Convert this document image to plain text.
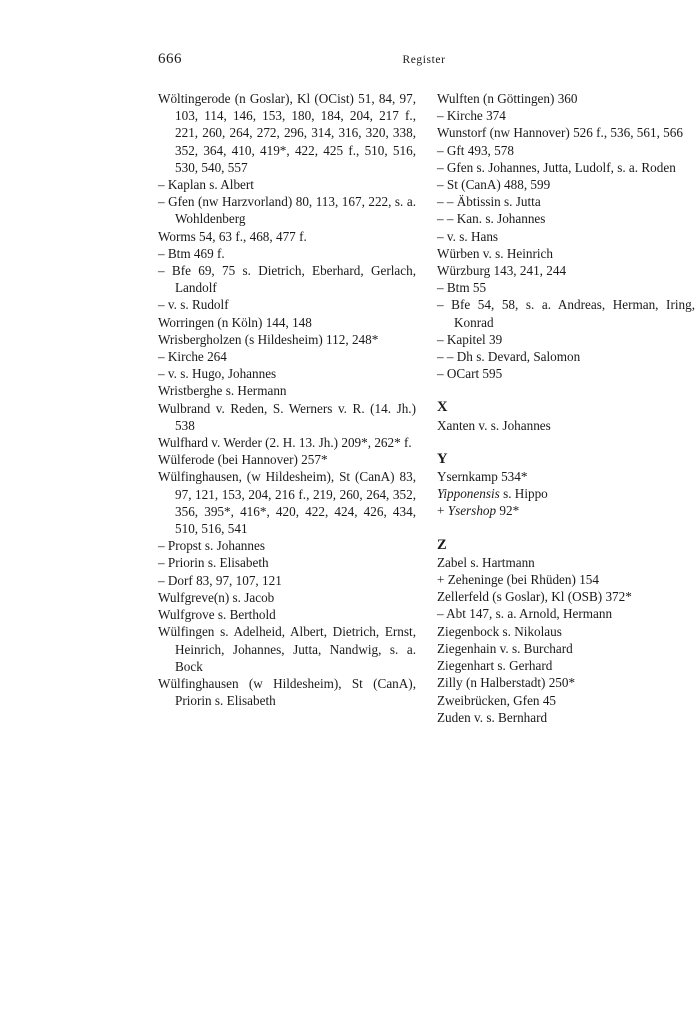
666	Register
Wöltingerode (n Goslar), Kl (OCist) 51, 84, 97, 103, 114, 146, 153, 180, 184, 204, 217 f., 221, 260, 264, 272, 296, 314, 316, 320, 338, 352, 364, 410, 419*, 422, 425 f., 510, 516, 530, 540, 557
– Kaplan s. Albert
– Gfen (nw Harzvorland) 80, 113, 167, 222, s. a. Wohldenberg
Worms 54, 63 f., 468, 477 f.
– Btm 469 f.
– Bfe 69, 75 s. Dietrich, Eberhard, Gerlach, Landolf
– v. s. Rudolf
Worringen (n Köln) 144, 148
Wrisbergholzen (s Hildesheim) 112, 248*
– Kirche 264
– v. s. Hugo, Johannes
Wristberghe s. Hermann
Wulbrand v. Reden, S. Werners v. R. (14. Jh.) 538
Wulfhard v. Werder (2. H. 13. Jh.) 209*, 262* f.
Wülferode (bei Hannover) 257*
Wülfinghausen, (w Hildesheim), St (CanA) 83, 97, 121, 153, 204, 216 f., 219, 260, 264, 352, 356, 395*, 416*, 420, 422, 424, 426, 434, 510, 516, 541
– Propst s. Johannes
– Priorin s. Elisabeth
– Dorf 83, 97, 107, 121
Wulfgreve(n) s. Jacob
Wulfgrove s. Berthold
Wülfingen s. Adelheid, Albert, Dietrich, Ernst, Heinrich, Johannes, Jutta, Nandwig, s. a. Bock
Wülfinghausen (w Hildesheim), St (CanA), Priorin s. Elisabeth
Wulften (n Göttingen) 360
– Kirche 374
Wunstorf (nw Hannover) 526 f., 536, 561, 566
– Gft 493, 578
– Gfen s. Johannes, Jutta, Ludolf, s. a. Roden
– St (CanA) 488, 599
– – Äbtissin s. Jutta
– – Kan. s. Johannes
– v. s. Hans
Würben v. s. Heinrich
Würzburg 143, 241, 244
– Btm 55
– Bfe 54, 58, s. a. Andreas, Herman, Iring, Konrad
– Kapitel 39
– – Dh s. Devard, Salomon
– OCart 595
X
Xanten v. s. Johannes
Y
Ysernkamp 534*
Yipponensis s. Hippo
+ Ysershop 92*
Z
Zabel s. Hartmann
+ Zeheninge (bei Rhüden) 154
Zellerfeld (s Goslar), Kl (OSB) 372*
– Abt 147, s. a. Arnold, Hermann
Ziegenbock s. Nikolaus
Ziegenhain v. s. Burchard
Ziegenhart s. Gerhard
Zilly (n Halberstadt) 250*
Zweibrücken, Gfen 45
Zuden v. s. Bernhard
